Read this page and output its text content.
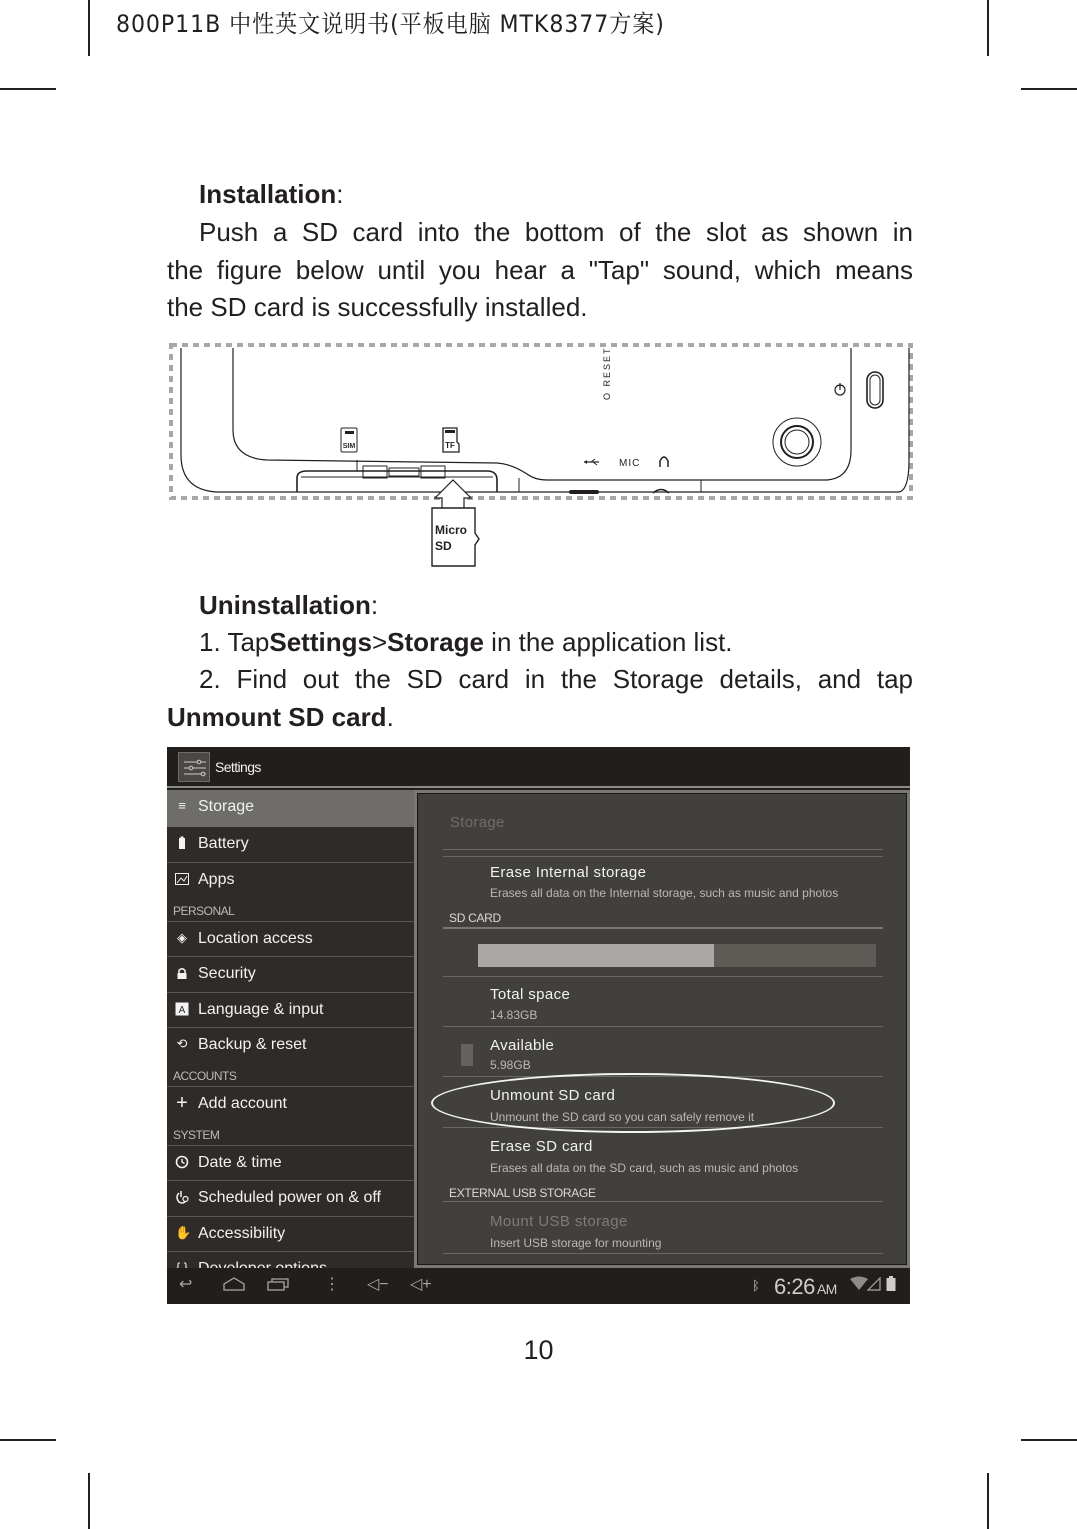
800P11B 中性英文说明书(平板电脑 MTK8377方案)
Installation:
Push a SD card into the bottom of the slot as shown in
the figure below until you hear a "Tap" sound, which means
the SD card is successfully installed.
SIM	TF
O RESET
MIC
Micro
SD
Uninstallation:
1. TapSettings>Storage in the application list.
2. Find out the SD card in the Storage details, and tap
Unmount SD card.
Settings
≡ Storage
Battery
Apps
PERSONAL
◈ Location access
Security
A Language & input
⟲ Backup & reset
ACCOUNTS
+ Add account
SYSTEM
Date & time
Scheduled power on & off
✋ Accessibility
Storage
Erase Internal storage
Erases all data on the Internal storage, such as music and photos
SD CARD
Total space
14.83GB
Available
5.98GB
Unmount SD card
Unmount the SD card so you can safely remove it
Erase SD card
Erases all data on the SD card, such as music and photos
EXTERNAL USB STORAGE
Mount USB storage
Insert USB storage for mounting
↩	⋮ ◁− ◁+	ᛒ 6:26 AM
10
